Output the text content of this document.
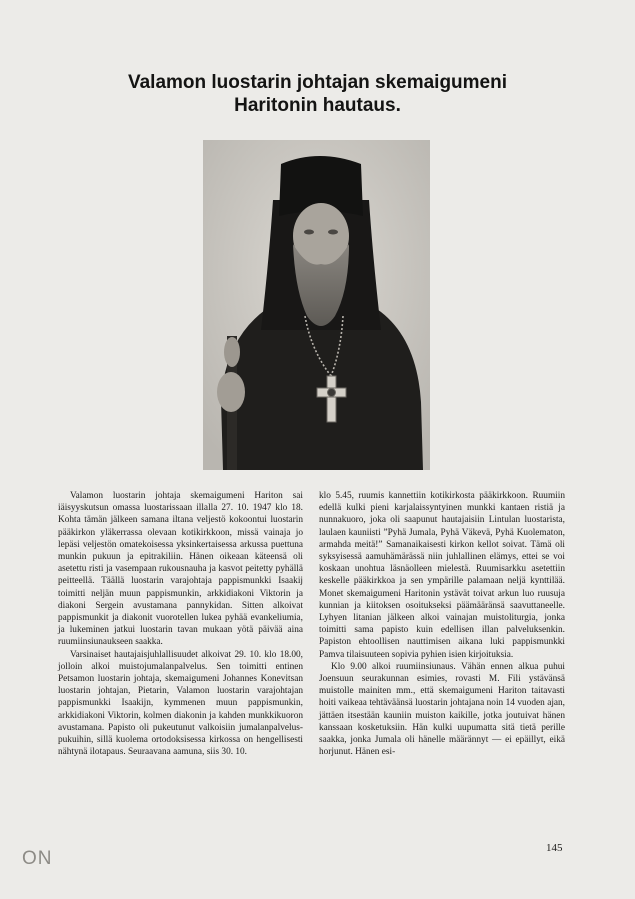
Valamon luostarin johtajan skemaigumeni
Haritonin hautaus.

Valamon luostarin johtaja skemaigumeni Hariton sai iäisyyskutsun omassa luostarissaan illalla 27. 10. 1947 klo 18. Kohta tämän jälkeen samana iltana veljestö kokoontui luostarin pääkirkon yläkerrassa olevaan kotikirkkoon, missä vainaja jo lepäsi veljestön omatekoisessa yksinkertaisessa arkussa puettuna munkin pukuun ja epitrakiliin. Hänen oikeaan käteensä oli asetettu risti ja vasempaan rukousnauha ja kasvot peitetty pyhällä peitteellä. Täällä luostarin varajohtaja pappismunkki Isaakij toimitti neljän muun pappismunkin, arkkidiakoni Viktorin ja diakoni Sergein avustamana pannykidan. Sitten alkoivat pappismunkit ja diakonit vuorotellen lukea pyhää evankeliumia, ja lukeminen jatkui luostarin tavan mukaan yötä päivää aina ruumiinsiunaukseen saakka.

Varsinaiset hautajaisjuhlallisuudet alkoivat 29. 10. klo 18.00, jolloin alkoi muistojumalanpalvelus. Sen toimitti entinen Petsamon luostarin johtaja, skemaigumeni Johannes Konevitsan luostarin johtajan, Pietarin, Valamon luostarin varajohtajan pappismunkki Isaakijn, kymmenen muun pappismunkin, arkkidiakoni Viktorin, kolmen diakonin ja kahden munkkikuoron avustamana. Papisto oli pukeutunut valkoisiin jumalanpalveluspukuihin, sillä kuolema ortodoksisessa kirkossa on hengellisesti nähtynä ilotapaus. Seuraavana aamuna, siis 30. 10.

klo 5.45, ruumis kannettiin kotikirkosta pääkirkkoon. Ruumiin edellä kulki pieni karjalaissyntyinen munkki kantaen ristiä ja nunnakuoro, joka oli saapunut hautajaisiin Lintulan luostarista, laulaen kauniisti ”Pyhä Jumala, Pyhä Väkevä, Pyhä Kuolematon, armahda meitä!” Samanaikaisesti kirkon kellot soivat. Tämä oli syksyisessä aamuhämärässä niin juhlallinen elämys, ettei se voi koskaan unohtua läsnäolleen mielestä. Ruumisarkku asetettiin keskelle pääkirkkoa ja sen ympärille palamaan neljä kynttilää. Monet skemaigumeni Haritonin ystävät toivat arkun luo ruusuja kunnian ja kiitoksen osoitukseksi päämääränsä saavuttaneelle. Lyhyen litanian jälkeen alkoi vainajan muistoliturgia, jonka toimitti sama papisto kuin edellisen illan palveluksenkin. Papiston ehtoollisen nauttimisen aikana luki pappismunkki Pamva tilaisuuteen sopivia pyhien isien kirjoituksia.

Klo 9.00 alkoi ruumiinsiunaus. Vähän ennen alkua puhui Joensuun seurakunnan esimies, rovasti M. Fili ystävänsä muistolle mainiten mm., että skemaigumeni Hariton taitavasti hoiti vaikeaa tehtäväänsä luostarin johtajana noin 14 vuoden ajan, jättäen itsestään kauniin muiston kaikille, jotka joutuivat hänen kanssaan kosketuksiin. Hän kulki uupumatta sitä tietä perille saakka, jonka Jumala oli hänelle määrännyt — ei epäillyt, eikä horjunut. Hänen esi-

145
ON
